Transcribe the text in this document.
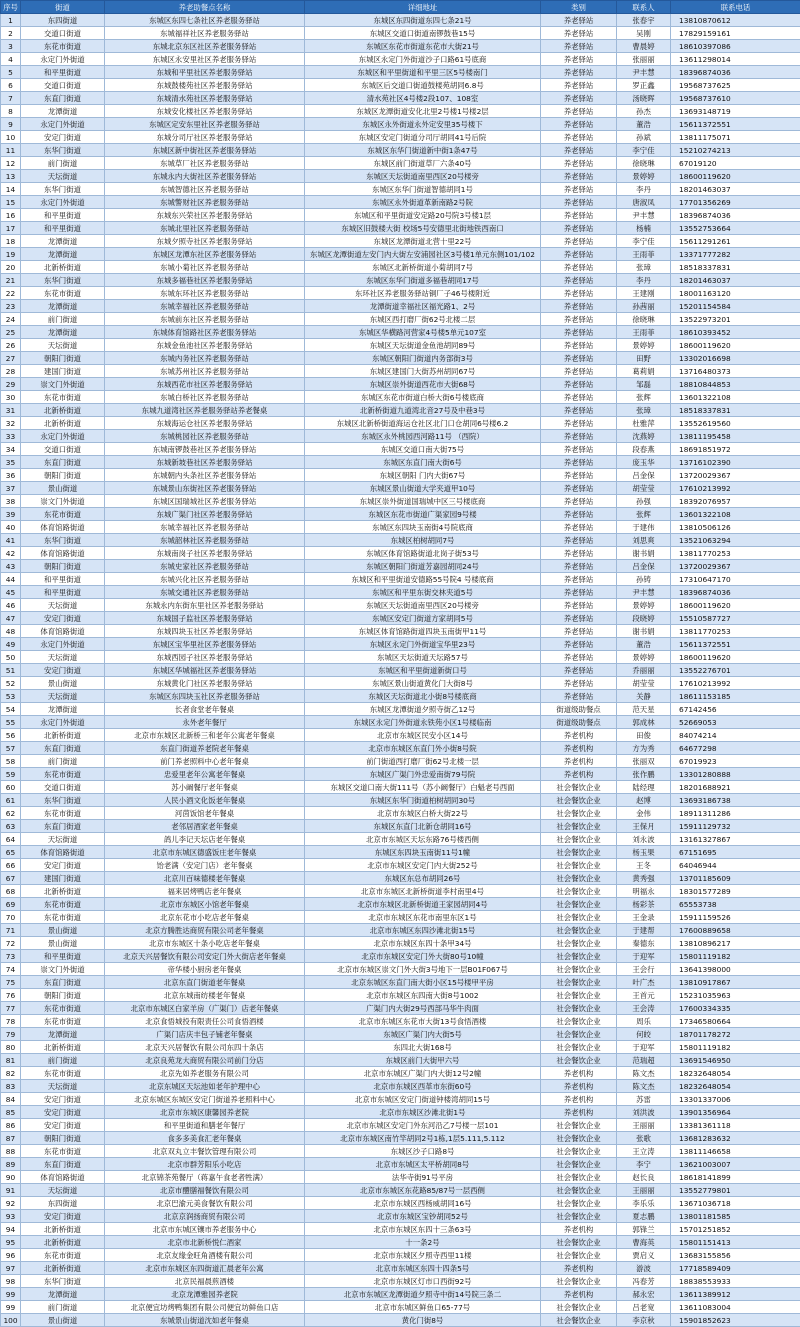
序号	街道	养老助餐点名称	详细地址	类别	联系人	联系电话
1	东四街道	东城区东四七条社区养老服务驿站	东城区东四街道东四七条21号	养老驿站	张春宇	13810870612
2	交道口街道	东城福祥社区养老服务驿站	东城区交道口街道南锣鼓巷15号	养老驿站	吴刚	17829159161
3	东花市街道	东城北京东区社区养老服务驿站	东城区东花市街道东花市大街21号	养老驿站	曹晨婷	18610397086
4	永定门外街道	东城区永安里社区养老服务驿站	东城区永定门外街道沙子口路61号底商	养老驿站	张丽丽	13611298014
5	和平里街道	东城和平里社区养老服务驿站	东城区和平里街道和平里三区5号楼南门	养老驿站	尹丰慧	18396874036
6	交道口街道	东城鼓楼苑社区养老服务驿站	东城区后交道口街道鼓楼苑胡同6.8号	养老驿站	罗正鑫	19568737625
7	东直门街道	东城清水苑社区养老服务驿站	清水苑社区4号楼2段107、108室	养老驿站	汤晓晖	19568737610
8	龙潭街道	东城安化楼社区养老服务驿站	东城区龙潭街道安化北里2号楼1号楼2层	养老驿站	孙杰	13693148719
9	永定门外街道	东城区定安东里社区养老服务驿站	东城区永外街道永外定安里35号楼下	养老驿站	董浩	15611372551
10	安定门街道	东城分司厅社区养老服务驿站	东城区安定门街道分司厅胡同41号后院	养老驿站	孙斌	13811175071
11	东华门街道	东城区新中街社区养老服务驿站	东城区东华门街道新中街1条47号	养老驿站	李宁佳	15210274213
12	前门街道	东城草厂社区养老服务驿站	东城区前门街道草厂六条40号	养老驿站	徐晓琳	67019120
13	天坛街道	东城永内大街社区养老服务驿站	东城区天坛街道南里西区20号楼旁	养老驿站	景婷婷	18600119620
14	东华门街道	东城智德社区养老服务驿站	东城区东华门街道智德胡同1号	养老驿站	李丹	18201463037
15	永定门外街道	东城警财社区养老服务驿站	东城区永外街道革新南路2号院	养老驿站	唐淑凤	17701356269
16	和平里街道	东城东兴荣社区养老服务驿站	东城区和平里街道安定路20号院3号楼1层	养老驿站	尹丰慧	18396874036
17	和平里街道	东城北里社区养老服务驿站	东城区旧鼓楼大街 校场5号安德里北街地铁西南口	养老驿站	杨楠	13552753664
18	龙潭街道	东城夕照寺社区养老服务驿站	东城区龙潭街道北营十里22号	养老驿站	李宁佳	15611291261
19	龙潭街道	东城区龙潭东社区养老服务驿站	东城区龙潭街道左安门内大街左安浦园社区3号楼1单元东侧101/102	养老驿站	王雨菲	13371777282
20	北新桥街道	东城小菊社区养老服务驿站	东城区北新桥街道小菊胡同7号	养老驿站	张璋	18518337831
21	东华门街道	东城多福巷社区养老服务驿站	东城区东华门街道多福巷胡同17号	养老驿站	李丹	18201463037
22	东花市街道	东城东环社区养老服务驿站	东环社区养老服务驿站铜厂子46号楼附近	养老驿站	王建刚	18001163120
23	龙潭街道	东城幸福社区养老服务驿站	龙潭街道幸福社区福光路1、2号	养老驿站	孙茜丽	15201154584
24	前门街道	东城前东社区养老服务驿站	东城区西打磨厂街62号北楼二层	养老驿站	徐晓琳	13522973201
25	龙潭街道	东城体育馆路社区养老服务驿站	东城区华横路河营家4号楼5单元107室	养老驿站	王雨菲	18610393452
26	天坛街道	东城金鱼池社区养老服务驿站	东城区天坛街道金鱼池胡同89号	养老驿站	景婷婷	18600119620
27	朝阳门街道	东城内务社区养老服务驿站	东城区朝阳门街道内务部街3号	养老驿站	田野	13302016698
28	建国门街道	东城苏州社区养老服务驿站	东城区建国门大街苏州胡同67号	养老驿站	葛莉娟	13716480373
29	崇文门外街道	东城西花市社区养老服务驿站	东城区崇外街道西花市大街68号	养老驿站	邹磊	18810844853
30	东花市街道	东城白桥社区养老服务驿站	东城区东花市街道白桥大街6号楼底商	养老驿站	张辉	13601322108
31	北新桥街道	东城九道湾社区养老服务驿站养老餐桌	北新桥街道九道湾北音27号及中巷3号	养老驿站	张璋	18518337831
32	北新桥街道	东城海运仓社区养老服务驿站	东城区北新桥街道海运仓社区北门口仓胡同6号楼6.2	养老驿站	杜雅萍	13552619560
33	永定门外街道	东城桃园社区养老服务驿站	东城区永外桃园西河路11号 （西院）	养老驿站	沈燕婷	13811195458
34	交道口街道	东城南锣鼓巷社区养老服务驿站	东城区交道口南大街75号	养老驿站	段春燕	18691851972
35	东直门街道	东城新坡巷社区养老服务驿站	东城区东直门南大街6号	养老驿站	庞玉华	13716102390
36	朝阳门街道	东城朝内头条社区养老服务驿站	东城区朝阳 门内大街67号	养老驿站	吕金保	13720029367
37	景山街道	东城景山东街社区养老服务驿站	东城区景山街道大学夹道甲10号	养老驿站	胡莹莹	17610213992
38	崇文门外街道	东城区国瑞城社区养老服务驿站	东城区崇外街道国瑞城中区三号楼底商	养老驿站	孙强	18392076957
39	东花市街道	东城广渠门社区养老服务驿站	东城区东花市街道广渠家园9号楼	养老驿站	张辉	13601322108
40	体育馆路街道	东城幸福社区养老服务驿站	东城区东四块玉南街4号院底商	养老驿站	于建伟	13810506126
41	东华门街道	东城韶林社区养老服务驿站	东城区柏树胡同7号	养老驿站	刘思爽	13521063294
42	体育馆路街道	东城南岗子社区养老服务驿站	东城区体育馆路街道北岗子街53号	养老驿站	谢书娟	13811770253
43	朝阳门街道	东城史家社区养老服务驿站	东城区朝阳门街道芳嘉园胡同24号	养老驿站	吕金保	13720029367
44	和平里街道	东城兴化社区养老服务驿站	东城区和平里街道安德路55号院4 号楼底商	养老驿站	孙铸	17310647170
45	和平里街道	东城交通社区养老服务驿站	东城区和平里东街交林夹道5号	养老驿站	尹丰慧	18396874036
46	天坛街道	东城永内东街东里社区养老服务驿站	东城区天坛街道南里西区20号楼旁	养老驿站	景婷婷	18600119620
47	安定门街道	东城国子监社区养老服务驿站	东城区安定门街道方家胡同5号	养老驿站	段晓婷	15510587727
48	体育馆路街道	东城四块玉社区养老服务驿站	东城区体育馆路街道四块玉南街甲11号	养老驿站	谢书娟	13811770253
49	永定门外街道	东城区宝华里社区养老服务驿站	东城区永定门外街道宝华里23号	养老驿站	董浩	15611372551
50	天坛街道	东城西园子社区养老服务驿站	东城区天坛街道天坛路57号	养老驿站	景婷婷	18600119620
51	安定门街道	东城区华城福社区养老服务驿站	东城区和平里街道新街口号	养老驿站	乔丽丽	13552276701
52	景山街道	东城黄化门社区养老服务驿站	东城区景山街道黄化门大街8号	养老驿站	胡莹莹	17610213992
53	天坛街道	东城区东四块玉社区养老服务驿站	东城区天坛街道北小街8号楼底商	养老驿站	关静	18611153185
54	龙潭街道	长者食堂老年餐桌	东城区龙潭街道夕照寺街乙12号	街道级助餐点	范天星	67142456
55	永定门外街道	永外老年餐厅	东城区永定门外街道永铁苑小区1号楼临南	街道级助餐点	郭成林	52669053
56	北新桥街道	北京市东城区北新桥三和老年公寓老年餐桌	北京市东城区民安小区14号	养老机构	田俊	84074214
57	东直门街道	东直门街道养老院老年餐桌	北京市东城区东直门外小街8号院	养老机构	方为秀	64677298
58	前门街道	前门养老照料中心老年餐桌	前门街道西打磨厂街62号北楼一层	养老机构	张丽双	67019923
59	东花市街道	忠爱里老年公寓老年餐桌	东城区广渠门外忠爱南街79号院	养老机构	张作鹏	13301280888
60	交道口街道	苏小阚餐厅老年餐桌	东城区交道口南大街111号（苏小阚餐厅）白魁老号西面	社会餐饮企业	陆经理	18201688921
61	东华门街道	人民小酒文化饭老年餐桌	东城区东华门街道柏树胡同30号	社会餐饮企业	赵博	13693186738
62	东花市街道	河茵饭馆老年餐桌	北京市东城区白桥大街22号	社会餐饮企业	金伟	18911311286
63	东直门街道	老邻居酒家老年餐桌	东城区东直门北新仓胡同16号	社会餐饮企业	王保月	15911129732
64	天坛街道	鸽儿李记天坛店老年餐桌	北京市东城区天坛东路76号楼西侧	社会餐饮企业	刘永波	13161327867
65	体育馆路街道	北京市东城区德盛饭庄老年餐桌	东城区东四块玉南街11号1幢	社会餐饮企业	杨玉果	67151695
66	安定门街道	饴老满（安定门店）老年餐桌	北京市东城区安定门内大街252号	社会餐饮企业	王冬	64046944
67	建国门街道	北京川百味德楼老年餐桌	东城区东总布胡同26号	社会餐饮企业	黄秀强	13701185609
68	北新桥街道	福来居烤鸭店老年餐桌	北京市东城区北新桥街道李村南里4号	社会餐饮企业	明福永	18301577289
69	东花市街道	北京市东城区小馆老年餐桌	北京市东城区北新桥街道王家园胡同4号	社会餐饮企业	杨彩茶	65553738
70	东花市街道	北京东花市小吃店老年餐桌	北京市东城区东花市南里东区1号	社会餐饮企业	王金录	15911159526
71	景山街道	北京方腾胜达商贸有限公司老年餐桌	北京市东城区东四沙滩北街15号	社会餐饮企业	于建帮	17600889658
72	景山街道	北京市东城区十条小吃店老年餐桌	北京市东城区东四十条甲34号	社会餐饮企业	秦德东	13810896217
73	和平里街道	北京天兴居餐饮有限公司安定门外大街店老年餐桌	北京市东城区安定门外大街80号10幢	社会餐饮企业	于迎军	15801119182
74	崇文门外街道	帝华楼小厨房老年餐桌	北京市东城区崇文门外大街3号地下一层B01F067号	社会餐饮企业	王会行	13641398000
75	东直门街道	北京东直门街道老年餐桌	北京东城区东直门南大街小区15号楼甲平房	社会餐饮企业	叶广杰	13810917867
76	朝阳门街道	北京东城南纺楼老年餐桌	北京市东城区东四南大街8号1002	社会餐饮企业	王首元	15231035963
77	东花市街道	北京市东城区白家羊房（广渠门）店老年餐桌	广渠门内大街29号西部马华牛肉面	社会餐饮企业	王会涛	17600334335
78	东花市街道	北京食悟城投有限责任公司食悟酒楼	北京市东城区东花市大街13号食悟酒楼	社会餐饮企业	周乐	17346580664
79	龙潭街道	广渠门店庆丰包子铺老年餐桌	东城区广渠门内大街5号	社会餐饮企业	何皎	18701178272
80	北新桥街道	北京天兴居餐饮有限公司东四十条店	东四北大街168号	社会餐饮企业	于迎军	15801119182
81	前门街道	北京良苑龙大商贸有限公司前门分店	东城区前门大街甲六号	社会餐饮企业	范瑞超	13691546950
82	东花市街道	北京先如养老服务有限公司	北京市东城区广渠门内大街12号2幢	养老机构	陈文杰	18232648054
83	天坛街道	北京东城区天坛池如老年护理中心	北京市东城区西革市东街60号	养老机构	陈文杰	18232648054
84	安定门街道	北京东城区东城区安定门街道养老照料中心	北京市东城区安定门街道钟楼湾胡同15号	养老机构	苏雷	13301337006
85	安定门街道	北京市东城区康馨园养老院	北京市东城区沙滩北街1号	养老机构	刘洪波	13901356964
86	安定门街道	和平里街道和膳老年餐厅	北京市东城区安定门外东河沿乙7号楼一层101	社会餐饮企业	王丽丽	13381361118
87	朝阳门街道	食多多美食汇老年餐桌	北京市东城区南竹竿胡同2号1栋,1层5.111,5.112	社会餐饮企业	张歌	13681283632
88	东花市街道	北京双丸立丰餐饮管理有限公司	东城区沙子口路8号	社会餐饮企业	王立涛	13811146658
89	东直门街道	北京市群芳阳乐小吃店	北京市东城区太平桥胡同8号	社会餐饮企业	李宁	13621003007
90	体育馆路街道	北京锦茶苑餐厅（蒋嘉午食老者牲满）	法华寺街91号平房	社会餐饮企业	赵长良	18618141899
91	天坛街道	北京市醴膳福餐饮有限公司	北京市东城区东花路85/87号一层西侧	社会餐饮企业	王丽丽	13552779801
92	东四街道	北京巴渝元美食餐饮有限公司	北京市东城区西杨威胡同16号	社会餐饮企业	李乐乐	13671036718
93	安定门街道	北京京润扬商贸有限公司	北京市东城区宝钞胡同52号	社会餐饮企业	夏志鹏	13801181585
94	北新桥街道	北京市东城区镶市养老服务中心	北京市东城区东四十三条63号	养老机构	郭锋兰	15701251852
95	北新桥街道	北京市北新桥悦仁酒家	十一条2号	社会餐饮企业	曹海英	15801151413
96	东花市街道	北京友缘金旺角酒楼有限公司	北京市东城区夕照寺西里11楼	社会餐饮企业	贾启义	13683155856
97	北新桥街道	北京市东城区东四街道汇晨老年公寓	北京市东城区东四十四条5号	养老机构	游波	17718589409
98	东华门街道	北京民福晨煎酒楼	北京市东城区灯市口西街92号	社会餐饮企业	冯春芳	18838553933
99	龙潭街道	北京龙潭雅园养老院	北京市东城区龙潭街道夕照寺中街14号院三条二	养老机构	郝永宏	13611389912
99	前门街道	北京便宜坊烤鸭集团有限公司便宜坊鲜鱼口店	北京市东城区鲜鱼口65-77号	社会餐饮企业	吕老宽	13611083004
100	景山街道	东城景山街道沈如老年餐桌	黄化门街8号	社会餐饮企业	李京秋	15901852623
